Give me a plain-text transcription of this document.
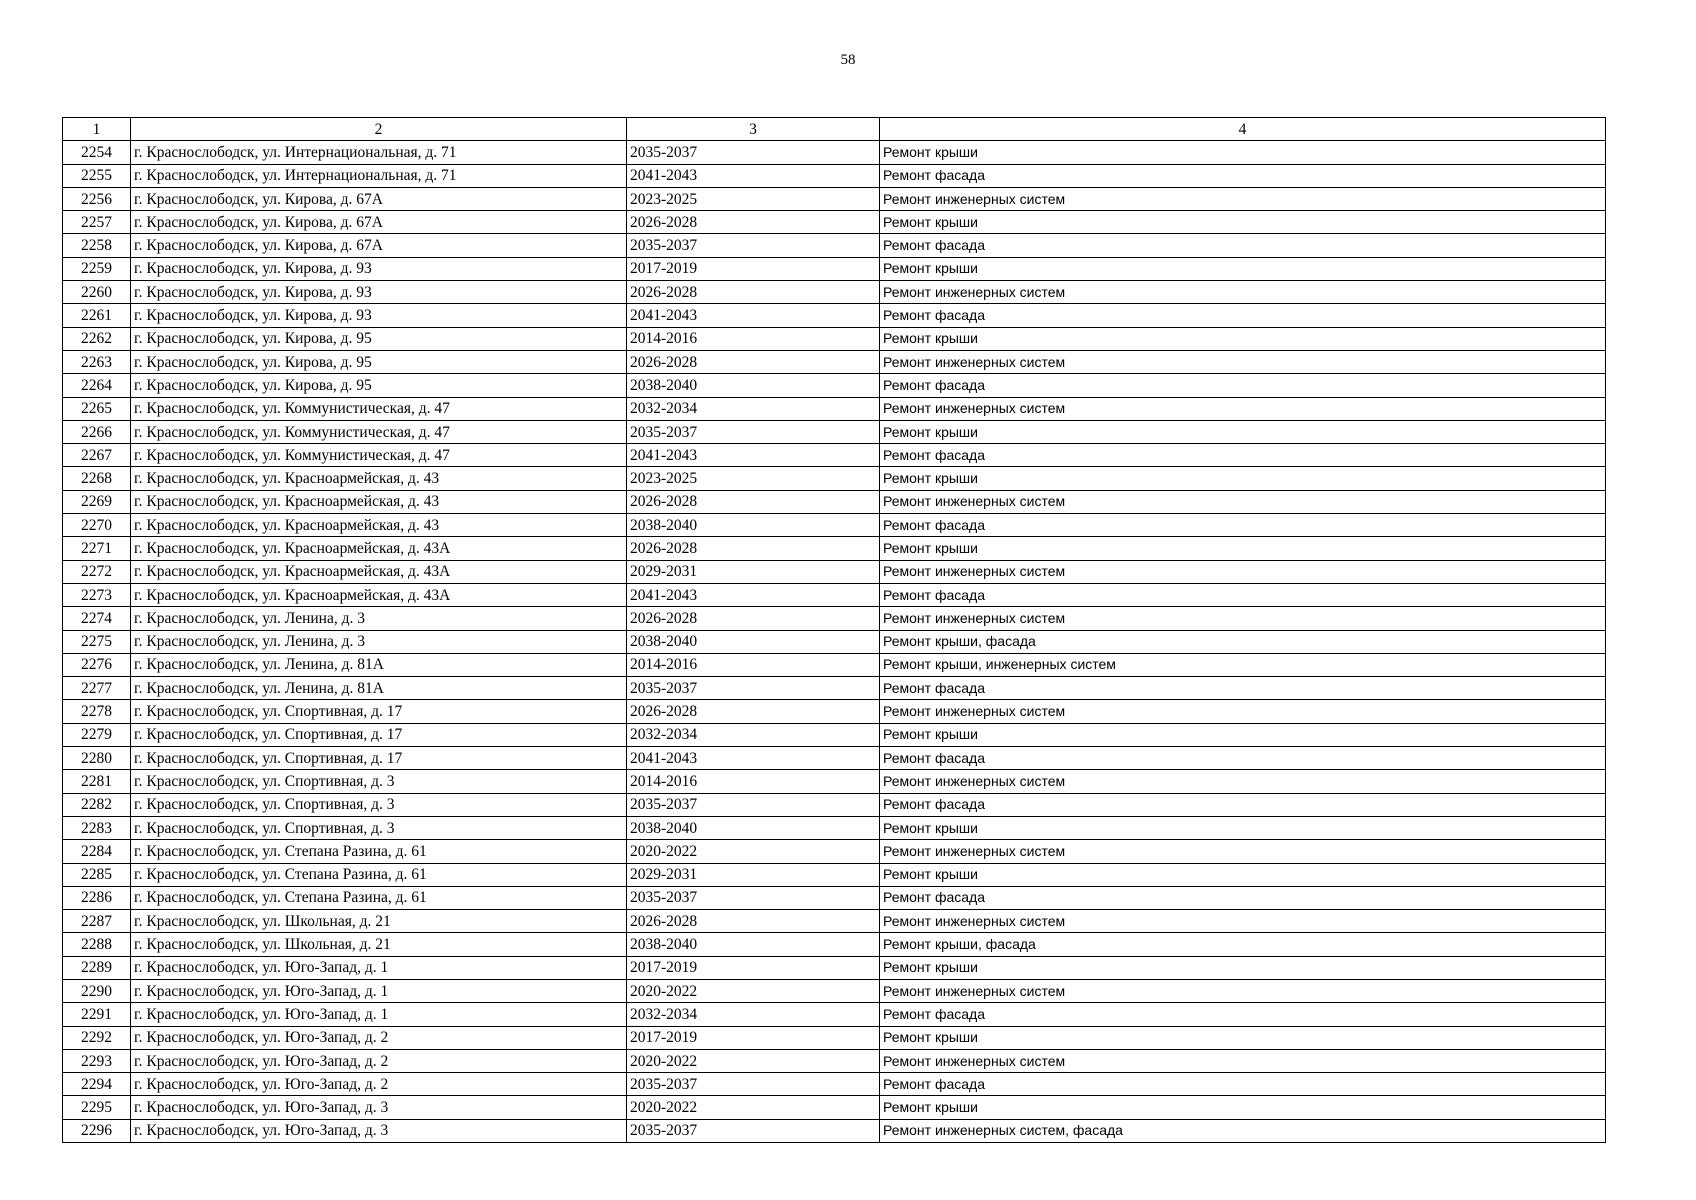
58
1	2	3	4
2254	г. Краснослободск, ул. Интернациональная, д. 71	2035-2037	Ремонт крыши
2255	г. Краснослободск, ул. Интернациональная, д. 71	2041-2043	Ремонт фасада
2256	г. Краснослободск, ул. Кирова, д. 67А	2023-2025	Ремонт инженерных систем
2257	г. Краснослободск, ул. Кирова, д. 67А	2026-2028	Ремонт крыши
2258	г. Краснослободск, ул. Кирова, д. 67А	2035-2037	Ремонт фасада
2259	г. Краснослободск, ул. Кирова, д. 93	2017-2019	Ремонт крыши
2260	г. Краснослободск, ул. Кирова, д. 93	2026-2028	Ремонт инженерных систем
2261	г. Краснослободск, ул. Кирова, д. 93	2041-2043	Ремонт фасада
2262	г. Краснослободск, ул. Кирова, д. 95	2014-2016	Ремонт крыши
2263	г. Краснослободск, ул. Кирова, д. 95	2026-2028	Ремонт инженерных систем
2264	г. Краснослободск, ул. Кирова, д. 95	2038-2040	Ремонт фасада
2265	г. Краснослободск, ул. Коммунистическая, д. 47	2032-2034	Ремонт инженерных систем
2266	г. Краснослободск, ул. Коммунистическая, д. 47	2035-2037	Ремонт крыши
2267	г. Краснослободск, ул. Коммунистическая, д. 47	2041-2043	Ремонт фасада
2268	г. Краснослободск, ул. Красноармейская, д. 43	2023-2025	Ремонт крыши
2269	г. Краснослободск, ул. Красноармейская, д. 43	2026-2028	Ремонт инженерных систем
2270	г. Краснослободск, ул. Красноармейская, д. 43	2038-2040	Ремонт фасада
2271	г. Краснослободск, ул. Красноармейская, д. 43А	2026-2028	Ремонт крыши
2272	г. Краснослободск, ул. Красноармейская, д. 43А	2029-2031	Ремонт инженерных систем
2273	г. Краснослободск, ул. Красноармейская, д. 43А	2041-2043	Ремонт фасада
2274	г. Краснослободск, ул. Ленина, д. 3	2026-2028	Ремонт инженерных систем
2275	г. Краснослободск, ул. Ленина, д. 3	2038-2040	Ремонт крыши, фасада
2276	г. Краснослободск, ул. Ленина, д. 81А	2014-2016	Ремонт крыши, инженерных систем
2277	г. Краснослободск, ул. Ленина, д. 81А	2035-2037	Ремонт фасада
2278	г. Краснослободск, ул. Спортивная, д. 17	2026-2028	Ремонт инженерных систем
2279	г. Краснослободск, ул. Спортивная, д. 17	2032-2034	Ремонт крыши
2280	г. Краснослободск, ул. Спортивная, д. 17	2041-2043	Ремонт фасада
2281	г. Краснослободск, ул. Спортивная, д. 3	2014-2016	Ремонт инженерных систем
2282	г. Краснослободск, ул. Спортивная, д. 3	2035-2037	Ремонт фасада
2283	г. Краснослободск, ул. Спортивная, д. 3	2038-2040	Ремонт крыши
2284	г. Краснослободск, ул. Степана Разина, д. 61	2020-2022	Ремонт инженерных систем
2285	г. Краснослободск, ул. Степана Разина, д. 61	2029-2031	Ремонт крыши
2286	г. Краснослободск, ул. Степана Разина, д. 61	2035-2037	Ремонт фасада
2287	г. Краснослободск, ул. Школьная, д. 21	2026-2028	Ремонт инженерных систем
2288	г. Краснослободск, ул. Школьная, д. 21	2038-2040	Ремонт крыши, фасада
2289	г. Краснослободск, ул. Юго-Запад, д. 1	2017-2019	Ремонт крыши
2290	г. Краснослободск, ул. Юго-Запад, д. 1	2020-2022	Ремонт инженерных систем
2291	г. Краснослободск, ул. Юго-Запад, д. 1	2032-2034	Ремонт фасада
2292	г. Краснослободск, ул. Юго-Запад, д. 2	2017-2019	Ремонт крыши
2293	г. Краснослободск, ул. Юго-Запад, д. 2	2020-2022	Ремонт инженерных систем
2294	г. Краснослободск, ул. Юго-Запад, д. 2	2035-2037	Ремонт фасада
2295	г. Краснослободск, ул. Юго-Запад, д. 3	2020-2022	Ремонт крыши
2296	г. Краснослободск, ул. Юго-Запад, д. 3	2035-2037	Ремонт инженерных систем, фасада
